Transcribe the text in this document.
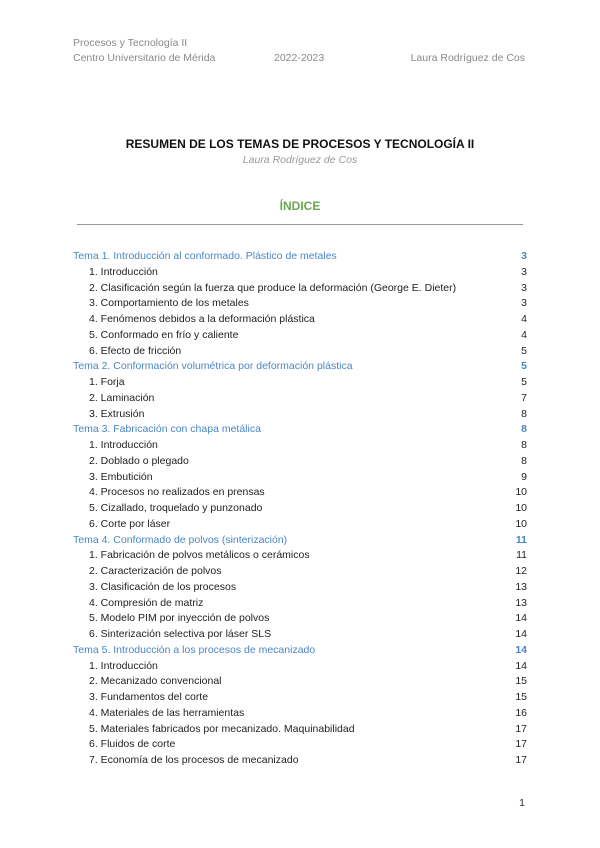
Procesos y Tecnología II
Centro Universitario de Mérida	2022-2023	Laura Rodríguez de Cos
RESUMEN DE LOS TEMAS DE PROCESOS Y TECNOLOGÍA II
Laura Rodríguez de Cos
ÍNDICE
Tema 1. Introducción al conformado. Plástico de metales	3
1. Introducción	3
2. Clasificación según la fuerza que produce la deformación (George E. Dieter)	3
3. Comportamiento de los metales	3
4. Fenómenos debidos a la deformación plástica	4
5. Conformado en frío y caliente	4
6. Efecto de fricción	5
Tema 2. Conformación volumétrica por deformación plástica	5
1. Forja	5
2. Laminación	7
3. Extrusión	8
Tema 3. Fabricación con chapa metálica	8
1. Introducción	8
2. Doblado o plegado	8
3. Embutición	9
4. Procesos no realizados en prensas	10
5. Cizallado, troquelado y punzonado	10
6. Corte por láser	10
Tema 4. Conformado de polvos (sinterización)	11
1. Fabricación de polvos metálicos o cerámicos	11
2. Caracterización de polvos	12
3. Clasificación de los procesos	13
4. Compresión de matriz	13
5. Modelo PIM por inyección de polvos	14
6. Sinterización selectiva por láser SLS	14
Tema 5. Introducción a los procesos de mecanizado	14
1. Introducción	14
2. Mecanizado convencional	15
3. Fundamentos del corte	15
4. Materiales de las herramientas	16
5. Materiales fabricados por mecanizado. Maquinabilidad	17
6. Fluidos de corte	17
7. Economía de los procesos de mecanizado	17
1
